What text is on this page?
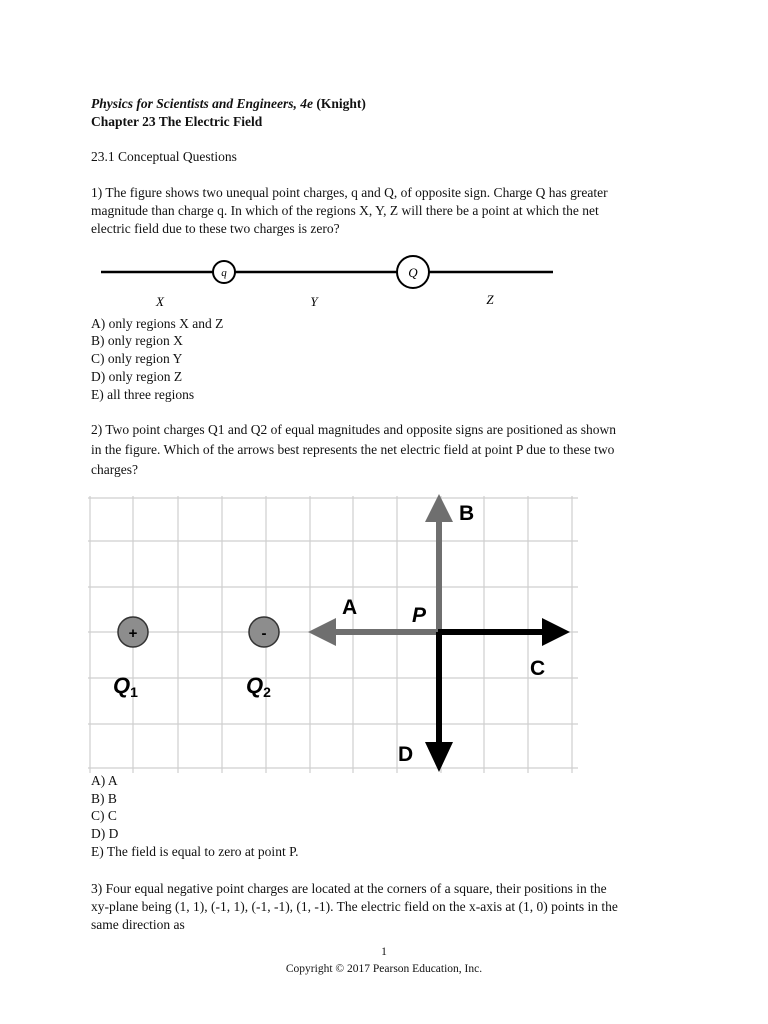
Physics for Scientists and Engineers, 4e (Knight)
Chapter 23 The Electric Field
23.1 Conceptual Questions
1) The figure shows two unequal point charges, q and Q, of opposite sign. Charge Q has greater
magnitude than charge q. In which of the regions X, Y, Z will there be a point at which the net
electric field due to these two charges is zero?
q	Q
X	Y	Z
A) only regions X and Z
B) only region X
C) only region Y
D) only region Z
E) all three regions
2) Two point charges Q1 and Q2 of equal magnitudes and opposite signs are positioned as shown
in the figure. Which of the arrows best represents the net electric field at point P due to these two
charges?
+	-
Q1	Q2
A
B
C
D
P
A) A
B) B
C) C
D) D
E) The field is equal to zero at point P.
3) Four equal negative point charges are located at the corners of a square, their positions in the
xy-plane being (1, 1), (-1, 1), (-1, -1), (1, -1). The electric field on the x-axis at (1, 0) points in the
same direction as
1
Copyright © 2017 Pearson Education, Inc.
